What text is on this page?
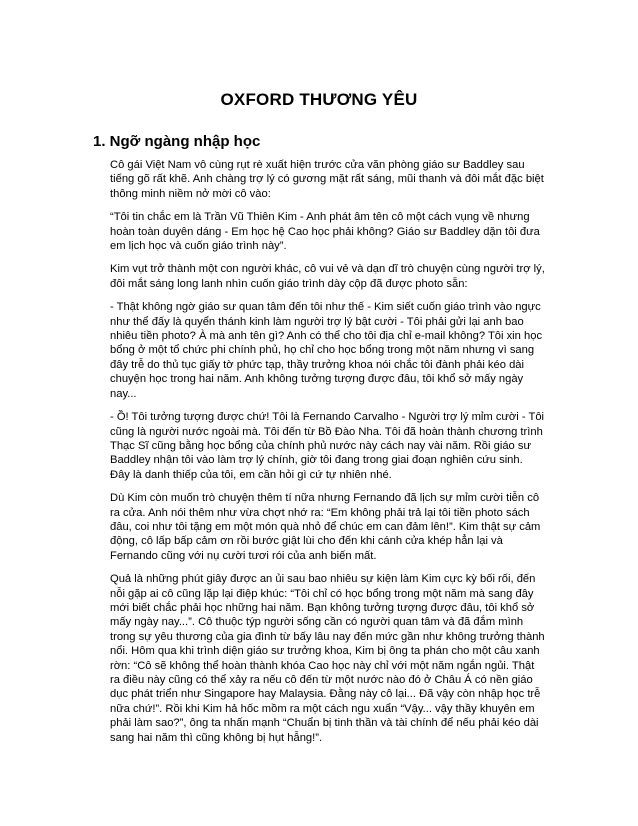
OXFORD THƯƠNG YÊU
1. Ngỡ ngàng nhập học

Cô gái Việt Nam vô cùng rụt rè xuất hiện trước cửa văn phòng giáo sư Baddley sau tiếng gõ rất khẽ. Anh chàng trợ lý có gương mặt rất sáng, mũi thanh và đôi mắt đặc biệt thông minh niềm nở mời cô vào:

“Tôi tin chắc em là Trần Vũ Thiên Kim - Anh phát âm tên cô một cách vụng về nhưng hoàn toàn duyên dáng - Em học hệ Cao học phải không? Giáo sư Baddley dặn tôi đưa em lịch học và cuốn giáo trình này”.

Kim vụt trở thành một con người khác, cô vui vẻ và dạn dĩ trò chuyện cùng người trợ lý, đôi mắt sáng long lanh nhìn cuốn giáo trình dày cộp đã được photo sẵn:

- Thật không ngờ giáo sư quan tâm đến tôi như thế - Kim siết cuốn giáo trình vào ngực như thể đấy là quyển thánh kinh làm người trợ lý bật cười - Tôi phải gửi lại anh bao nhiêu tiền photo? À mà anh tên gì? Anh có thể cho tôi địa chỉ e-mail không? Tôi xin học bổng ở một tổ chức phi chính phủ, họ chỉ cho học bổng trong một năm nhưng vì sang đây trễ do thủ tục giấy tờ phức tạp, thầy trưởng khoa nói chắc tôi đành phải kéo dài chuyện học trong hai năm. Anh không tưởng tượng được đâu, tôi khổ sở mấy ngày nay...

- Ồ! Tôi tưởng tượng được chứ! Tôi là Fernando Carvalho - Người trợ lý mỉm cười - Tôi cũng là người nước ngoài mà. Tôi đến từ Bồ Đào Nha. Tôi đã hoàn thành chương trình Thạc Sĩ cũng bằng học bổng của chính phủ nước này cách nay vài năm. Rồi giáo sư Baddley nhận tôi vào làm trợ lý chính, giờ tôi đang trong giai đoạn nghiên cứu sinh. Đây là danh thiếp của tôi, em cần hỏi gì cứ tự nhiên nhé.

Dù Kim còn muốn trò chuyện thêm tí nữa nhưng Fernando đã lịch sự mỉm cười tiễn cô ra cửa. Anh nói thêm như vừa chợt nhớ ra: “Em không phải trả lại tôi tiền photo sách đâu, coi như tôi tặng em một món quà nhỏ để chúc em can đảm lên!”. Kim thật sự cảm động, cô lấp bấp cảm ơn rồi bước giật lùi cho đến khi cánh cửa khép hẳn lại và Fernando cũng với nụ cười tươi rói của anh biến mất.

Quả là những phút giây được an ủi sau bao nhiêu sự kiện làm Kim cực kỳ bối rối, đến nỗi gặp ai cô cũng lặp lại điệp khúc: “Tôi chỉ có học bổng trong một năm mà sang đây mới biết chắc phải học những hai năm. Bạn không tưởng tượng được đâu, tôi khổ sở mấy ngày nay...”. Cô thuộc týp người sống cần có người quan tâm và đã đắm mình trong sự yêu thương của gia đình từ bấy lâu nay đến mức gần như không trưởng thành nổi. Hôm qua khi trình diện giáo sư trưởng khoa, Kim bị ông ta phán cho một câu xanh rờn: “Cô sẽ không thể hoàn thành khóa Cao học này chỉ với một năm ngắn ngủi. Thật ra điều này cũng có thể xảy ra nếu cô đến từ một nước nào đó ở Châu Á có nền giáo dục phát triển như Singapore hay Malaysia. Đằng này cô lại... Đã vậy còn nhập học trễ nữa chứ!”. Rồi khi Kim hả hốc mồm ra một cách ngu xuẩn “Vậy... vậy thầy khuyên em phải làm sao?”, ông ta nhấn mạnh “Chuẩn bị tinh thần và tài chính để nếu phải kéo dài sang hai năm thì cũng không bị hụt hẫng!”.
